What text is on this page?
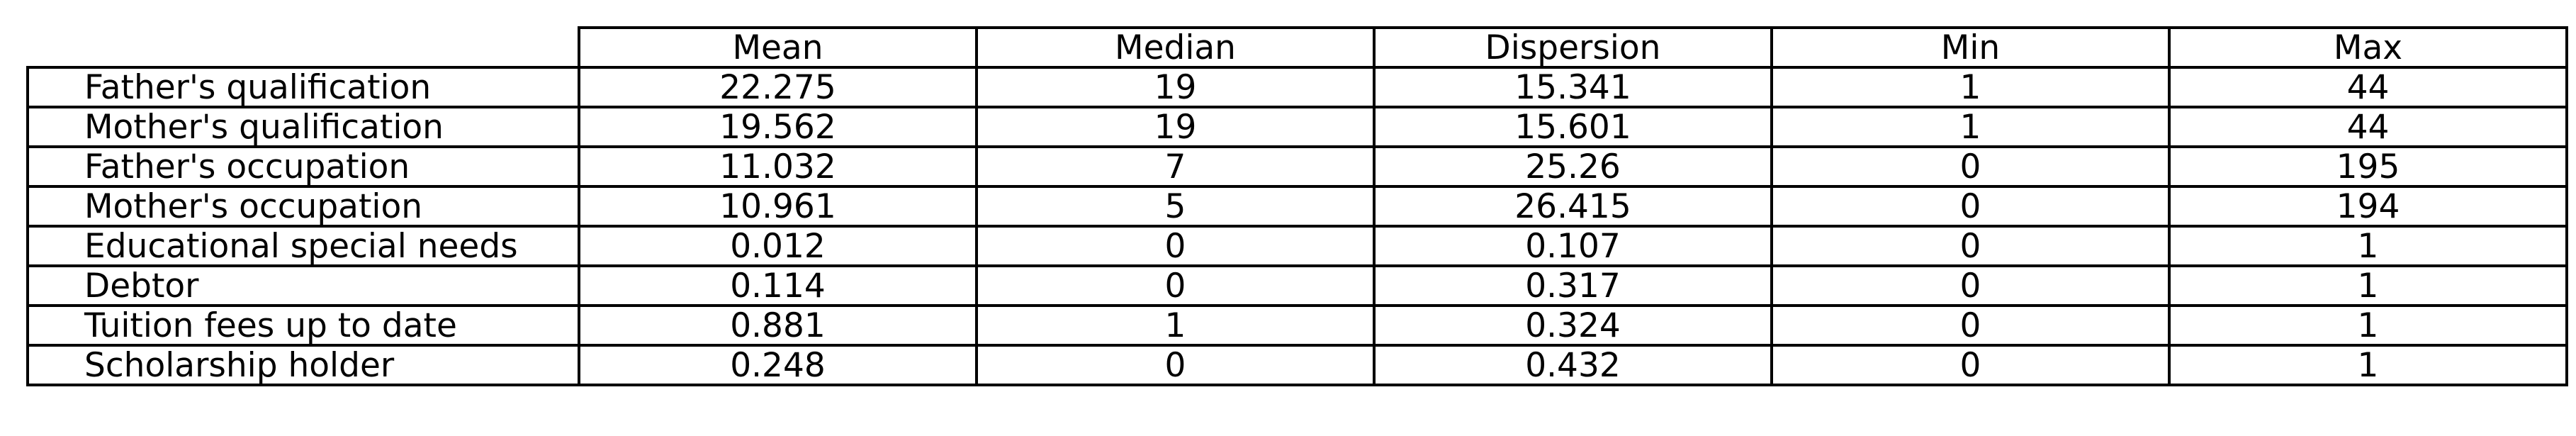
	Mean	Median	Dispersion	Min	Max
Father's qualification	22.275	19	15.341	1	44
Mother's qualification	19.562	19	15.601	1	44
Father's occupation	11.032	7	25.26	0	195
Mother's occupation	10.961	5	26.415	0	194
Educational special needs	0.012	0	0.107	0	1
Debtor	0.114	0	0.317	0	1
Tuition fees up to date	0.881	1	0.324	0	1
Scholarship holder	0.248	0	0.432	0	1
